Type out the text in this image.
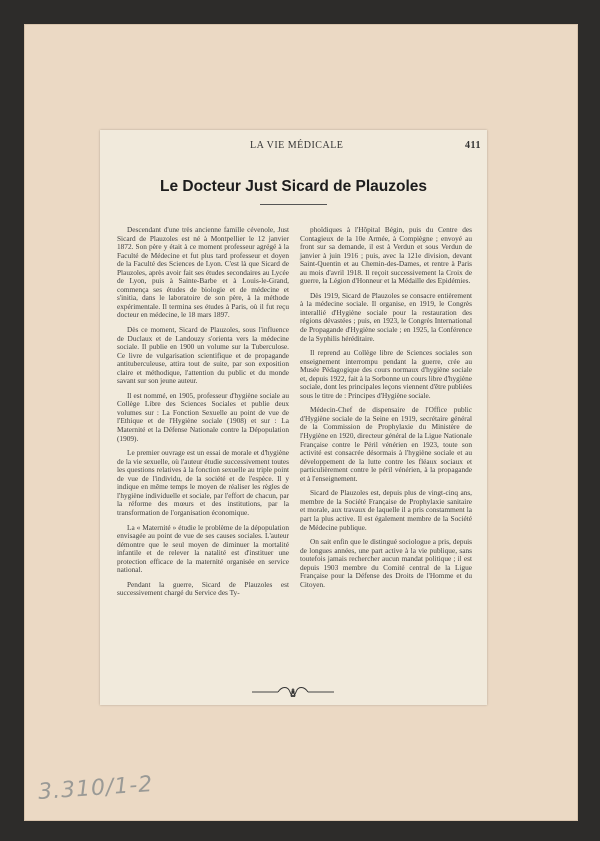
LA VIE MÉDICALE	411
Le Docteur Just Sicard de Plauzoles

Descendant d'une très ancienne famille cévenole, Just Sicard de Plauzoles est né à Montpellier le 12 janvier 1872. Son père y était à ce moment professeur agrégé à la Faculté de Médecine et fut plus tard professeur et doyen de la Faculté des Sciences de Lyon. C'est là que Sicard de Plauzoles, après avoir fait ses études secondaires au Lycée de Lyon, puis à Sainte-Barbe et à Louis-le-Grand, commença ses études de biologie et de médecine et s'initia, dans le laboratoire de son père, à la méthode expérimentale. Il termina ses études à Paris, où il fut reçu docteur en médecine, le 18 mars 1897.

Dès ce moment, Sicard de Plauzoles, sous l'influence de Duclaux et de Landouzy s'orienta vers la médecine sociale. Il publie en 1900 un volume sur la Tuberculose. Ce livre de vulgarisation scientifique et de propagande antituberculeuse, attira tout de suite, par son exposition claire et méthodique, l'attention du public et du monde savant sur son jeune auteur.

Il est nommé, en 1905, professeur d'hygiène sociale au Collège Libre des Sciences Sociales et publie deux volumes sur : La Fonction Sexuelle au point de vue de l'Ethique et de l'Hygiène sociale (1908) et sur : La Maternité et la Défense Nationale contre la Dépopulation (1909).

Le premier ouvrage est un essai de morale et d'hygiène de la vie sexuelle, où l'auteur étudie successivement toutes les questions relatives à la fonction sexuelle au triple point de vue de l'individu, de la société et de l'espèce. Il y indique en même temps le moyen de réaliser les règles de l'hygiène individuelle et sociale, par l'effort de chacun, par la réforme des mœurs et des institutions, par la transformation de l'organisation économique.

La « Maternité » étudie le problème de la dépopulation envisagée au point de vue de ses causes sociales. L'auteur démontre que le seul moyen de diminuer la mortalité infantile et de relever la natalité est d'instituer une protection efficace de la maternité organisée en service national.

Pendant la guerre, Sicard de Plauzoles est successivement chargé du Service des Ty-

phoïdiques à l'Hôpital Bégin, puis du Centre des Contagieux de la 10e Armée, à Compiègne ; envoyé au front sur sa demande, il est à Verdun et sous Verdun de janvier à juin 1916 ; puis, avec la 121e division, devant Saint-Quentin et au Chemin-des-Dames, et rentre à Paris au mois d'avril 1918. Il reçoit successivement la Croix de guerre, la Légion d'Honneur et la Médaille des Epidémies.

Dès 1919, Sicard de Plauzoles se consacre entièrement à la médecine sociale. Il organise, en 1919, le Congrès interallié d'Hygiène sociale pour la restauration des régions dévastées ; puis, en 1923, le Congrès International de Propagande d'Hygiène sociale ; en 1925, la Conférence de la Syphilis héréditaire.

Il reprend au Collège libre de Sciences sociales son enseignement interrompu pendant la guerre, crée au Musée Pédagogique des cours normaux d'hygiène sociale et, depuis 1922, fait à la Sorbonne un cours libre d'hygiène sociale, dont les principales leçons viennent d'être publiées sous le titre de : Principes d'Hygiène sociale.

Médecin-Chef de dispensaire de l'Office public d'Hygiène sociale de la Seine en 1919, secrétaire général de la Commission de Prophylaxie du Ministère de l'Hygiène en 1920, directeur général de la Ligue Nationale Française contre le Péril vénérien en 1923, toute son activité est consacrée désormais à l'hygiène sociale et au développement de la lutte contre les fléaux sociaux et particulièrement contre le péril vénérien, à la propagande et à l'enseignement.

Sicard de Plauzoles est, depuis plus de vingt-cinq ans, membre de la Société Française de Prophylaxie sanitaire et morale, aux travaux de laquelle il a pris constamment la part la plus active. Il est également membre de la Société de Médecine publique.

On sait enfin que le distingué sociologue a pris, depuis de longues années, une part active à la vie publique, sans toutefois jamais rechercher aucun mandat politique ; il est depuis 1903 membre du Comité central de la Ligue Française pour la Défense des Droits de l'Homme et du Citoyen.

3.310/1-2
